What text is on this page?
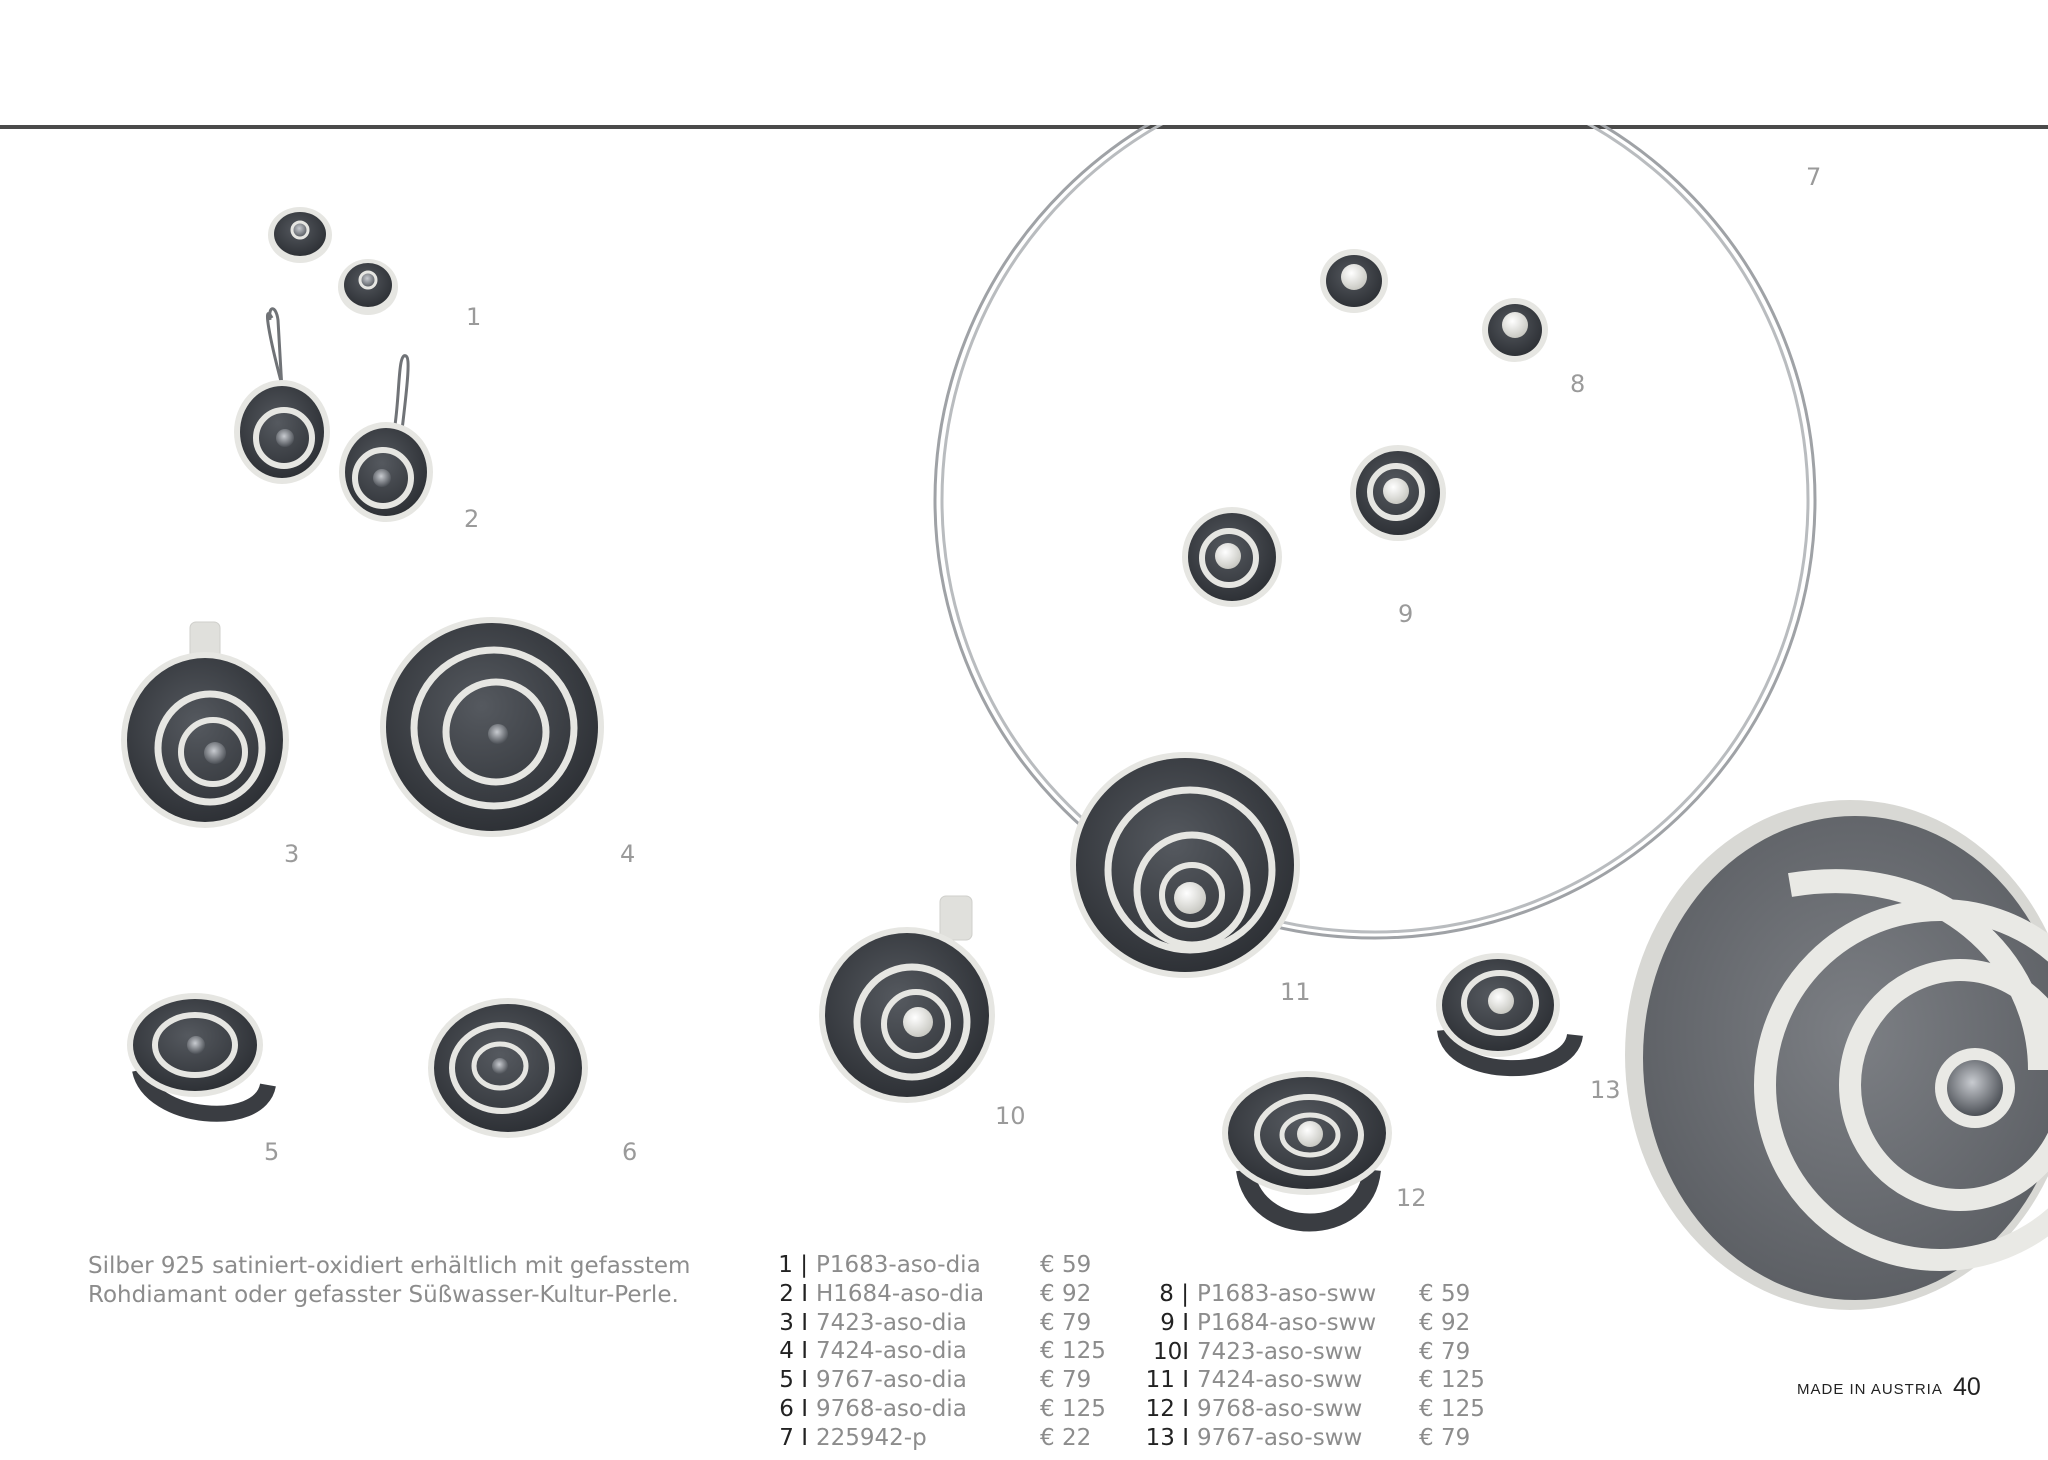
1
2
3	4
5	6
7
8
9
10
11
12
13
Silber 925 satiniert-oxidiert erhältlich mit gefasstem Rohdiamant oder gefasster Süßwasser-Kultur-Perle.
1 | P1683-aso-dia	€ 59
2 I H1684-aso-dia € 92
3 I 7423-aso-dia	€ 79
4 I 7424-aso-dia	€ 125
5 I 9767-aso-dia	€ 79
6 I 9768-aso-dia	€ 125
7 I 225942-p	€ 22
8 | P1683-aso-sww € 59
9 I P1684-aso-sww € 92
10I 7423-aso-sww € 79
11 I 7424-aso-sww € 125
12 I 9768-aso-sww € 125
13 I 9767-aso-sww € 79
MADE IN AUSTRIA 40
